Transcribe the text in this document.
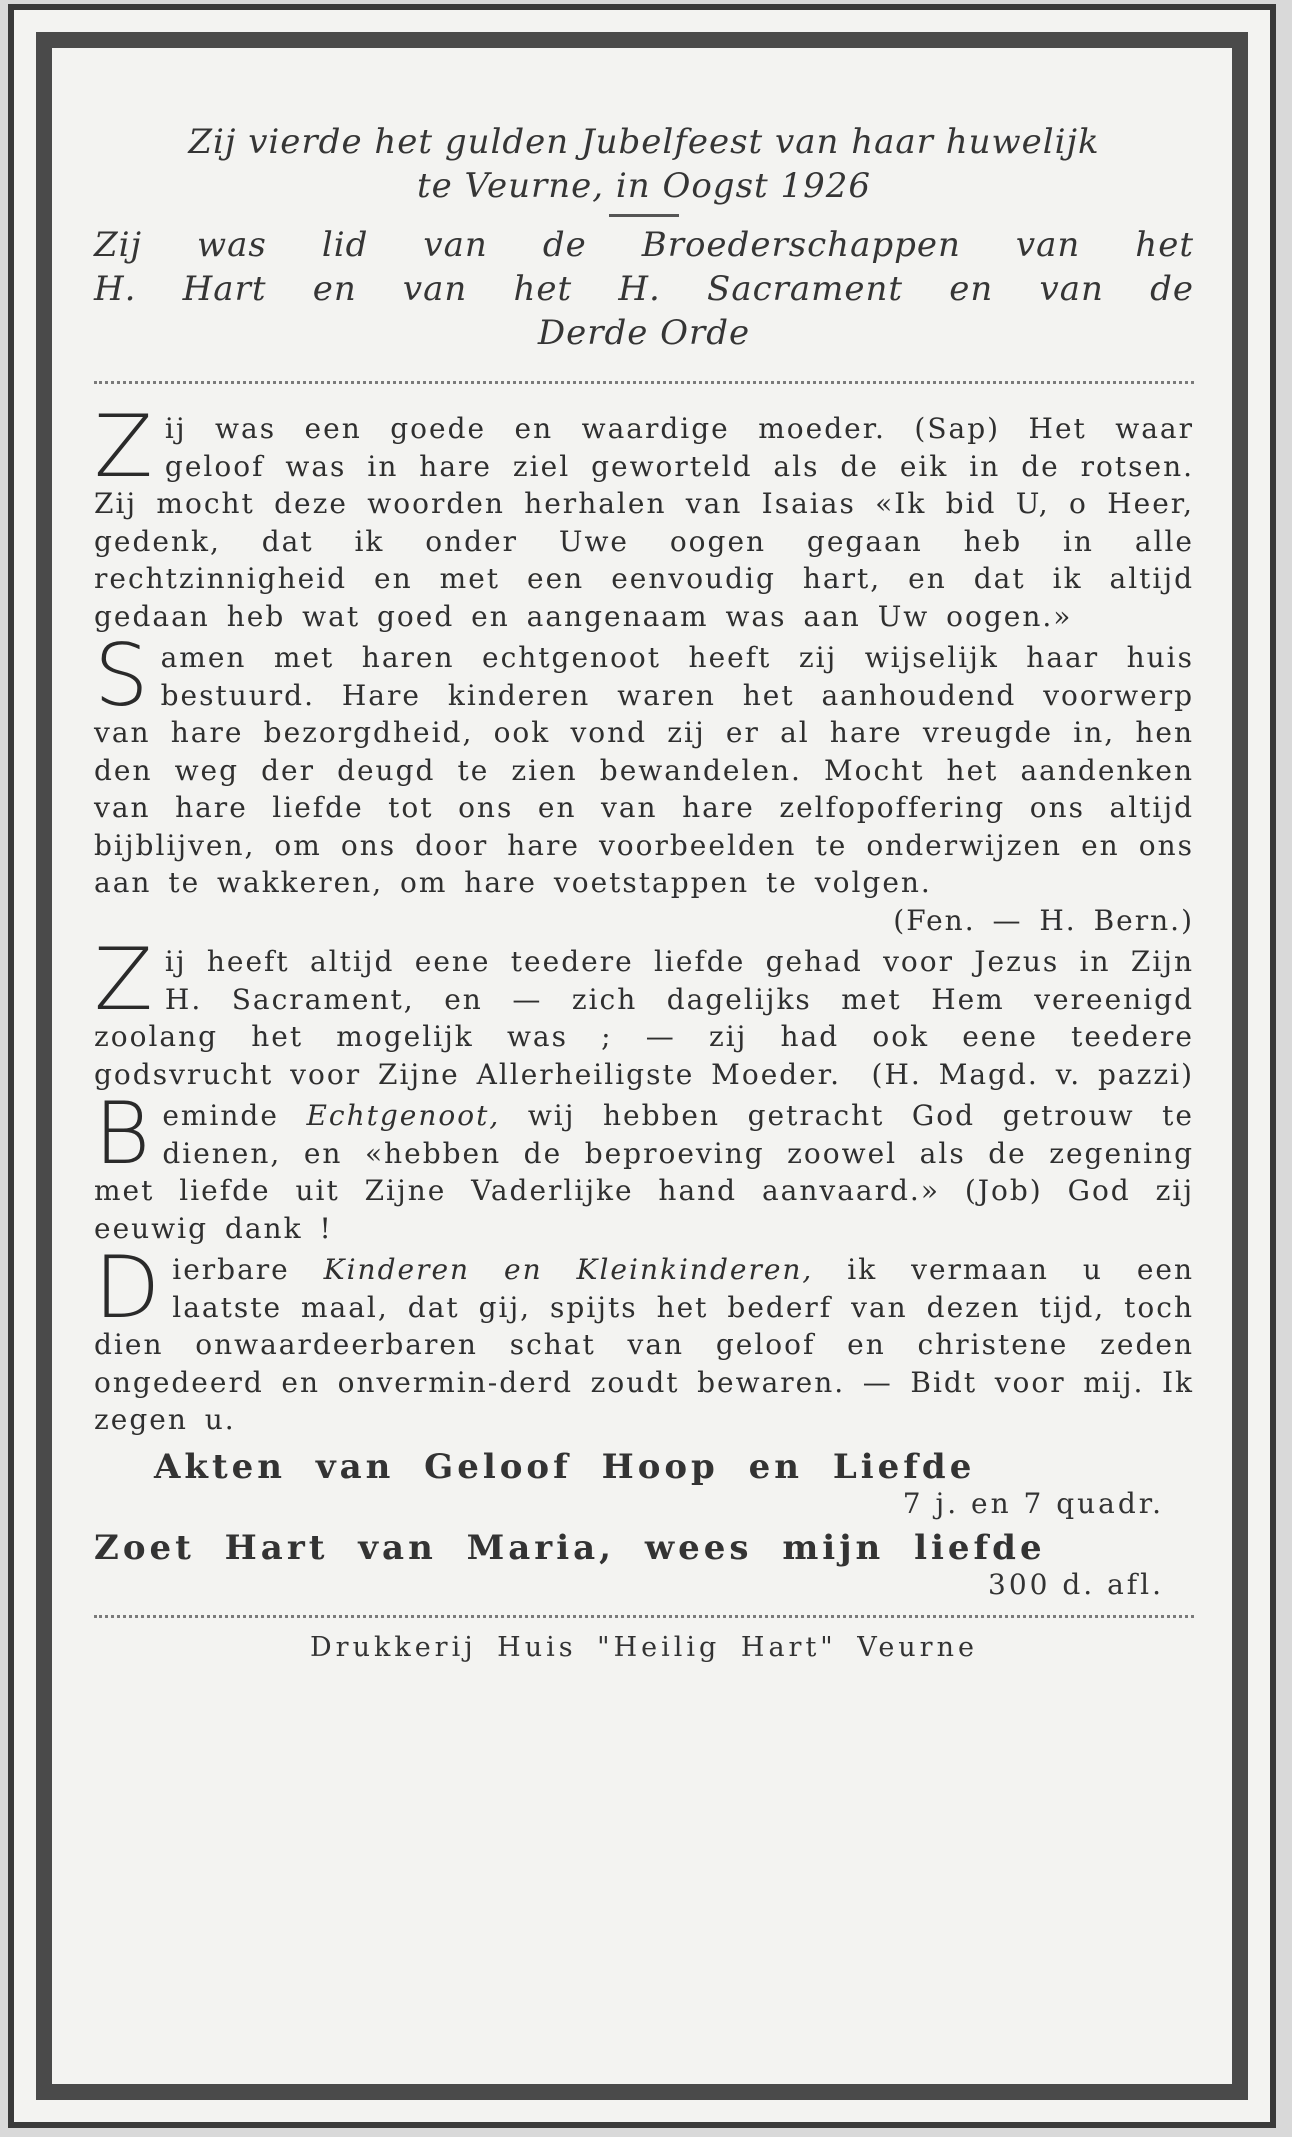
Zij vierde het gulden Jubelfeest van haar huwelijk
te Veurne, in Oogst 1926
Zij was lid van de Broederschappen van het
H. Hart en van het H. Sacrament en van de
Derde Orde

Zij was een goede en waardige moeder. (Sap) Het waar geloof was in hare ziel geworteld als de eik in de rotsen. Zij mocht deze woorden herhalen van Isaias «Ik bid U, o Heer, gedenk, dat ik onder Uwe oogen gegaan heb in alle rechtzinnigheid en met een eenvoudig hart, en dat ik altijd gedaan heb wat goed en aangenaam was aan Uw oogen.»

Samen met haren echtgenoot heeft zij wijselijk haar huis bestuurd. Hare kinderen waren het aanhoudend voorwerp van hare bezorgdheid, ook vond zij er al hare vreugde in, hen den weg der deugd te zien bewandelen. Mocht het aandenken van hare liefde tot ons en van hare zelfopoffering ons altijd bijblijven, om ons door hare voorbeelden te onderwijzen en ons aan te wakkeren, om hare voetstappen te volgen.
(Fen. — H. Bern.)

Zij heeft altijd eene teedere liefde gehad voor Jezus in Zijn H. Sacrament, en — zich dagelijks met Hem vereenigd zoolang het mogelijk was ; — zij had ook eene teedere godsvrucht voor Zijne Allerheiligste Moeder. (H. Magd. v. pazzi)

Beminde Echtgenoot, wij hebben getracht God getrouw te dienen, en «hebben de beproeving zoowel als de zegening met liefde uit Zijne Vaderlijke hand aanvaard.» (Job) God zij eeuwig dank !

Dierbare Kinderen en Kleinkinderen, ik vermaan u een laatste maal, dat gij, spijts het bederf van dezen tijd, toch dien onwaardeerbaren schat van geloof en christene zeden ongedeerd en onvermin-derd zoudt bewaren. — Bidt voor mij. Ik zegen u.

Akten van Geloof Hoop en Liefde
7 j. en 7 quadr.
Zoet Hart van Maria, wees mijn liefde
300 d. afl.
Drukkerij Huis "Heilig Hart" Veurne
